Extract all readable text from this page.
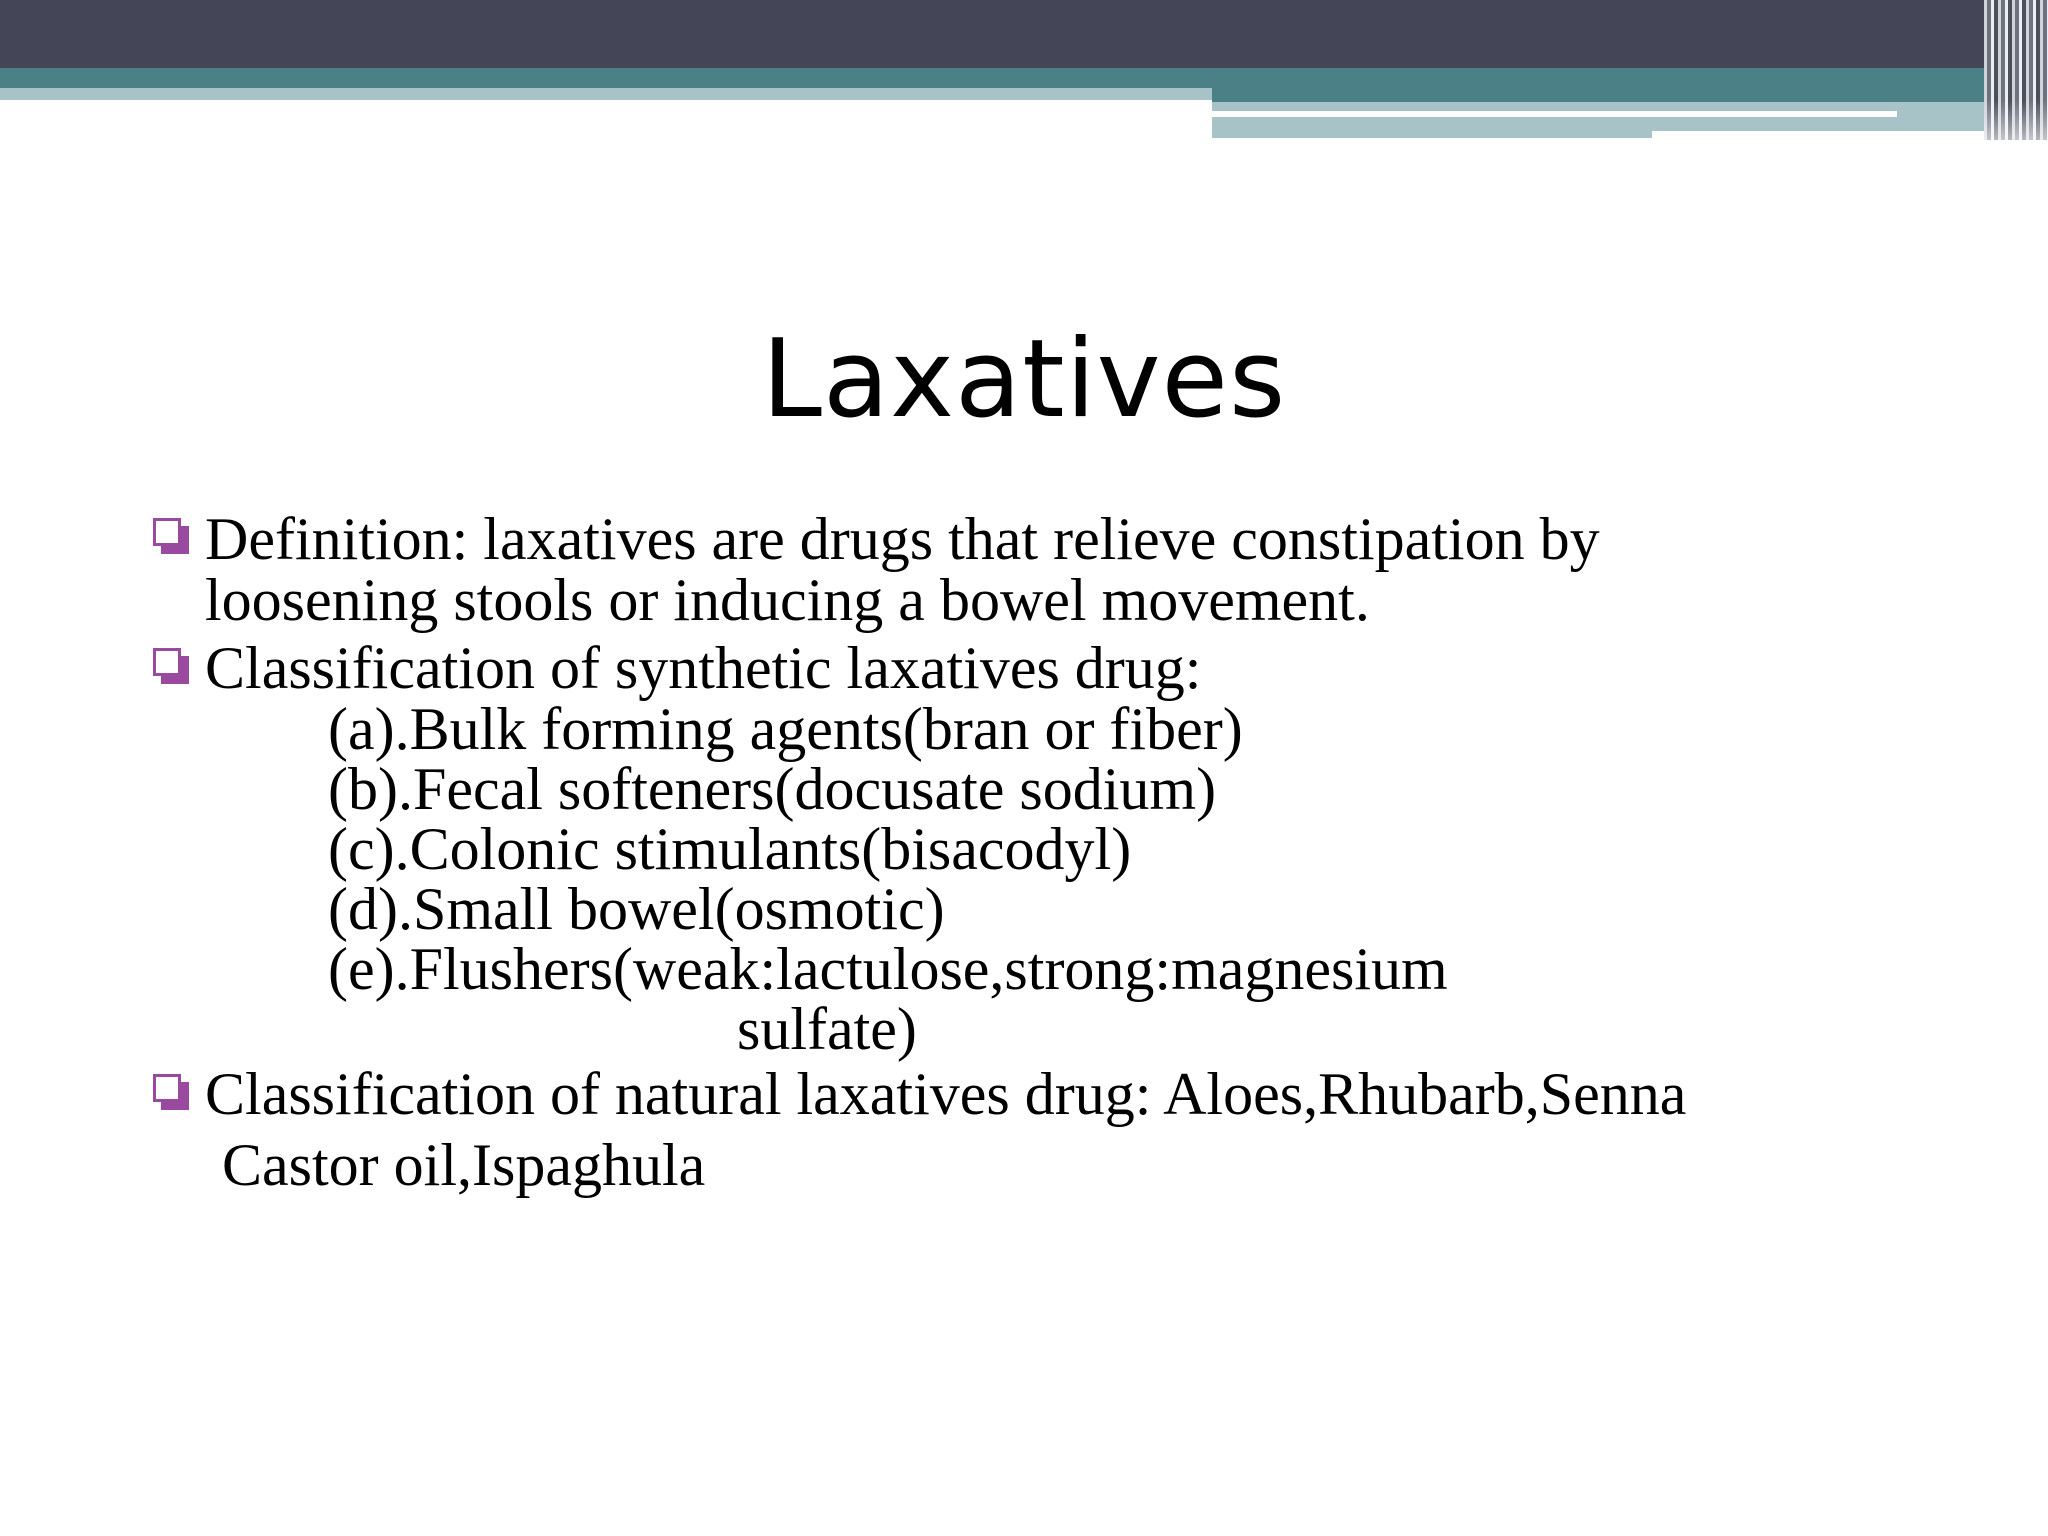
Laxatives
Definition: laxatives are drugs that relieve constipation by
loosening stools or inducing a bowel movement.
Classification of synthetic laxatives drug:
(a).Bulk forming agents(bran or fiber)
(b).Fecal softeners(docusate sodium)
(c).Colonic stimulants(bisacodyl)
(d).Small bowel(osmotic)
(e).Flushers(weak:lactulose,strong:magnesium
sulfate)
Classification of natural laxatives drug: Aloes,Rhubarb,Senna
Castor oil,Ispaghula
